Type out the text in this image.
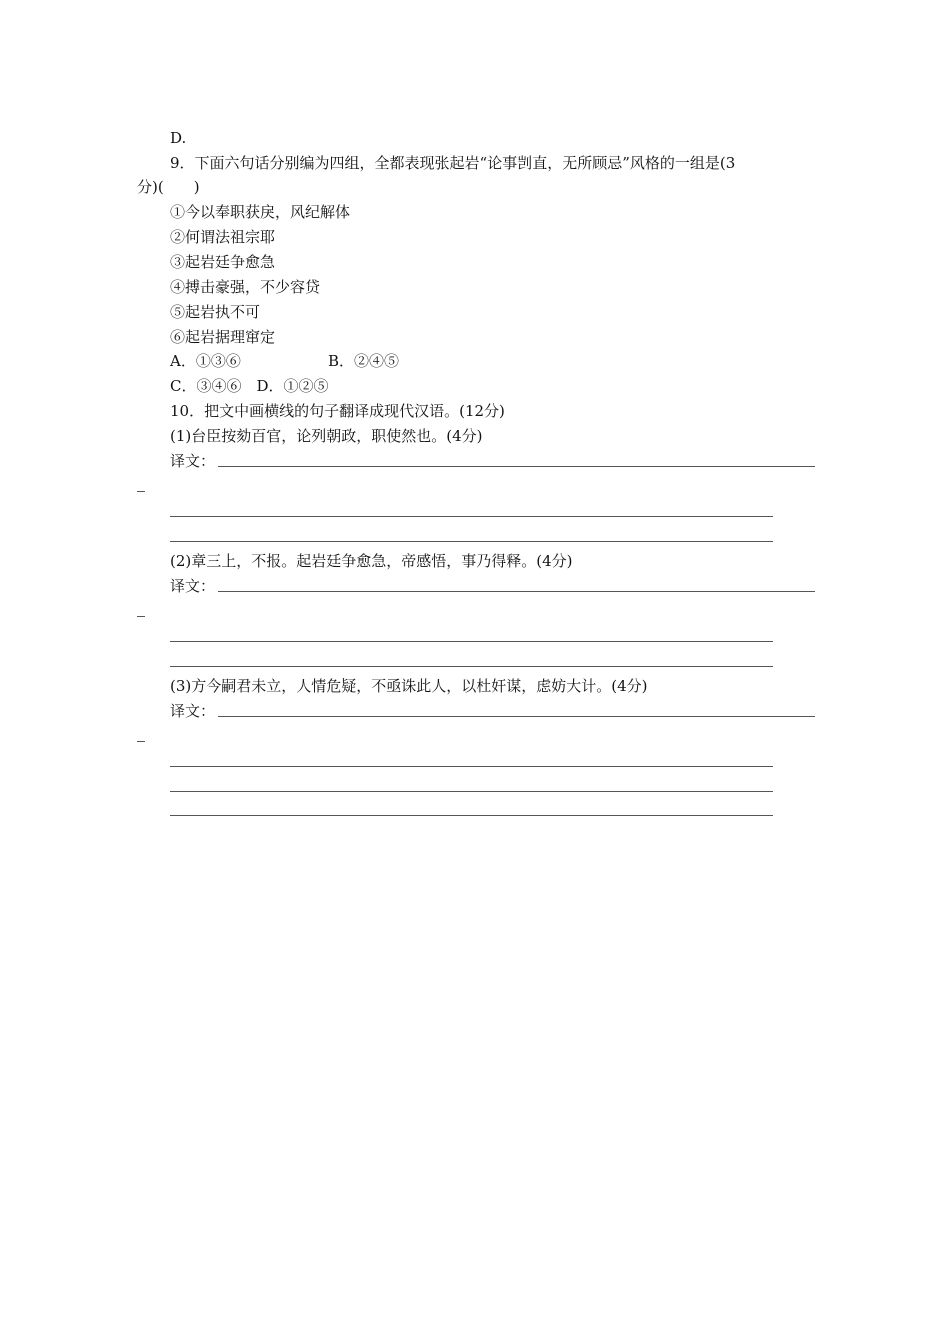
D.
9．下面六句话分别编为四组，全都表现张起岩“论事剀直，无所顾忌”风格的一组是(3
分)(　　)
①今以奉职获戾，风纪解体
②何谓法祖宗耶
③起岩廷争愈急
④搏击豪强，不少容贷
⑤起岩执不可
⑥起岩据理窜定
A．①③⑥	B．②④⑤
C．③④⑥　D．①②⑤
10．把文中画横线的句子翻译成现代汉语。(12分)
(1)台臣按劾百官，论列朝政，职使然也。(4分)
译文：
(2)章三上，不报。起岩廷争愈急，帝感悟，事乃得释。(4分)
译文：
(3)方今嗣君未立，人情危疑，不亟诛此人，以杜奸谋，虑妨大计。(4分)
译文：
